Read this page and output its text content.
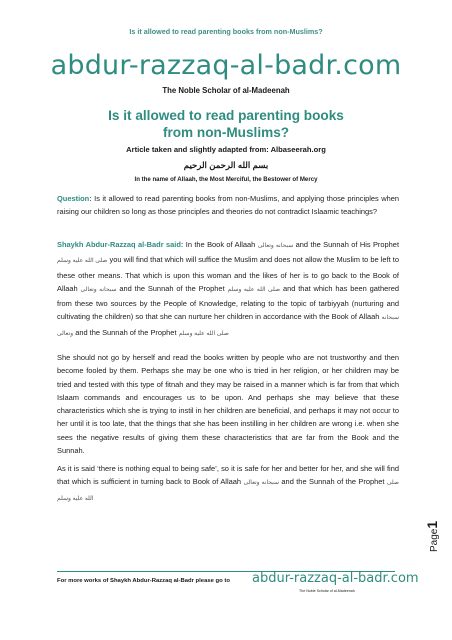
Is it allowed to read parenting books from non-Muslims?
abdur-razzaq-al-badr.com
The Noble Scholar of al-Madeenah
Is it allowed to read parenting books
from non-Muslims?
Article taken and slightly adapted from: Albaseerah.org
بسم الله الرحمن الرحيم
In the name of Allaah, the Most Merciful, the Bestower of Mercy

Question: Is it allowed to read parenting books from non-Muslims, and applying those principles when raising our children so long as those principles and theories do not contradict Islaamic teachings?

Shaykh Abdur-Razzaq al-Badr said: In the Book of Allaah سبحانه وتعالى and the Sunnah of His Prophet صلى الله عليه وسلم you will find that which will suffice the Muslim and does not allow the Muslim to be left to these other means. That which is upon this woman and the likes of her is to go back to the Book of Allaah سبحانه وتعالى and the Sunnah of the Prophet صلى الله عليه وسلم and that which has been gathered from these two sources by the People of Knowledge, relating to the topic of tarbiyyah (nurturing and cultivating the children) so that she can nurture her children in accordance with the Book of Allaah سبحانه وتعالى and the Sunnah of the Prophet صلى الله عليه وسلم

She should not go by herself and read the books written by people who are not trustworthy and then become fooled by them. Perhaps she may be one who is tried in her religion, or her children may be tried and tested with this type of fitnah and they may be raised in a manner which is far from that which Islaam commands and encourages us to be upon. And perhaps she may believe that these characteristics which she is trying to instil in her children are beneficial, and perhaps it may not occur to her until it is too late, that the things that she has been instilling in her children are wrong i.e. when she sees the negative results of giving them these characteristics that are far from the Book and the Sunnah.

As it is said ‘there is nothing equal to being safe’, so it is safe for her and better for her, and she will find that which is sufficient in turning back to Book of Allaah سبحانه وتعالى and the Sunnah of the Prophet صلى الله عليه وسلم

Page1
For more works of Shaykh Abdur-Razzaq al-Badr please go to abdur-razzaq-al-badr.com
The Noble Scholar of al-Madeenah
